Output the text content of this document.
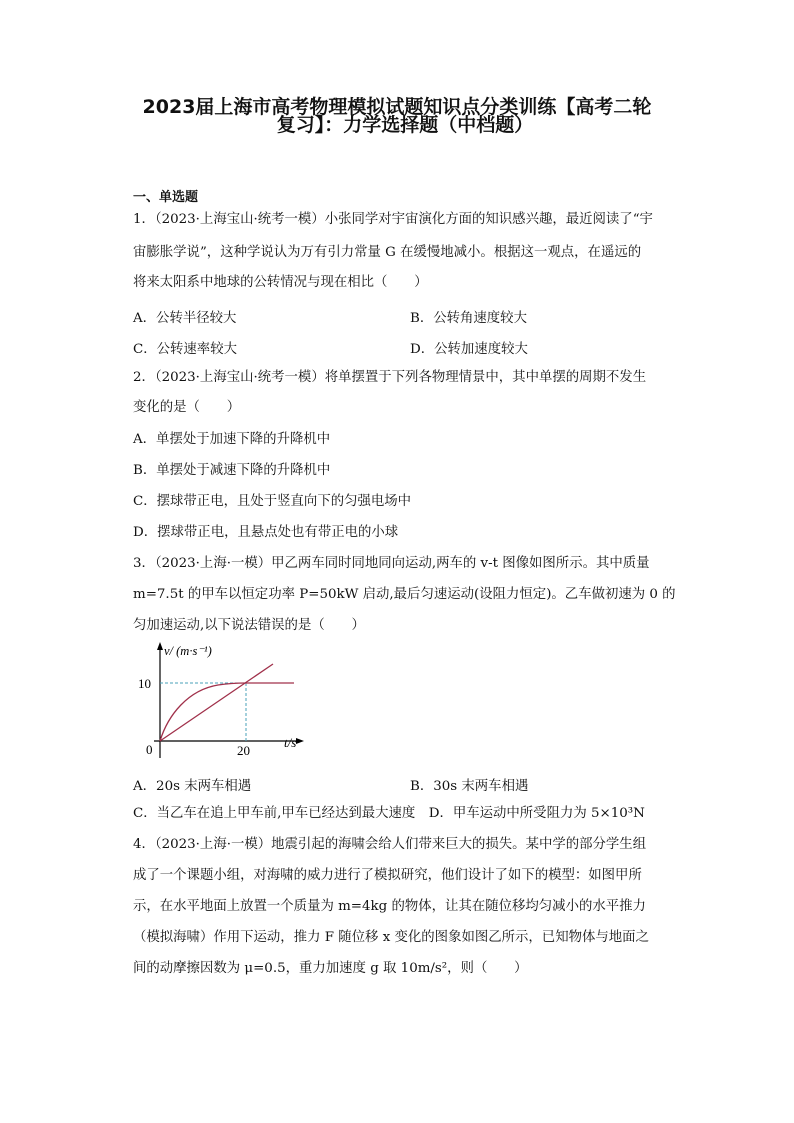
2023届上海市高考物理模拟试题知识点分类训练【高考二轮
复习】：力学选择题（中档题）
一、单选题
1．（2023·上海宝山·统考一模）小张同学对宇宙演化方面的知识感兴趣，最近阅读了“宇
宙膨胀学说”，这种学说认为万有引力常量 G 在缓慢地减小。根据这一观点，在遥远的
将来太阳系中地球的公转情况与现在相比（　　）
A．公转半径较大	B．公转角速度较大
C．公转速率较大	D．公转加速度较大
2．（2023·上海宝山·统考一模）将单摆置于下列各物理情景中，其中单摆的周期不发生
变化的是（　　）
A．单摆处于加速下降的升降机中
B．单摆处于减速下降的升降机中
C．摆球带正电，且处于竖直向下的匀强电场中
D．摆球带正电，且悬点处也有带正电的小球
3．（2023·上海·一模）甲乙两车同时同地同向运动,两车的 v-t 图像如图所示。其中质量
m=7.5t 的甲车以恒定功率 P=50kW 启动,最后匀速运动(设阻力恒定)。乙车做初速为 0 的
匀加速运动,以下说法错误的是（　　）
v/ (m·s⁻¹)
10
0	20
t/s
A．20s 末两车相遇	B．30s 末两车相遇
C．当乙车在追上甲车前,甲车已经达到最大速度　D．甲车运动中所受阻力为 5×10³N
4．（2023·上海·一模）地震引起的海啸会给人们带来巨大的损失。某中学的部分学生组
成了一个课题小组，对海啸的威力进行了模拟研究，他们设计了如下的模型：如图甲所
示，在水平地面上放置一个质量为 m=4kg 的物体，让其在随位移均匀减小的水平推力
（模拟海啸）作用下运动，推力 F 随位移 x 变化的图象如图乙所示，已知物体与地面之
间的动摩擦因数为 μ=0.5，重力加速度 g 取 10m/s²，则（　　）
